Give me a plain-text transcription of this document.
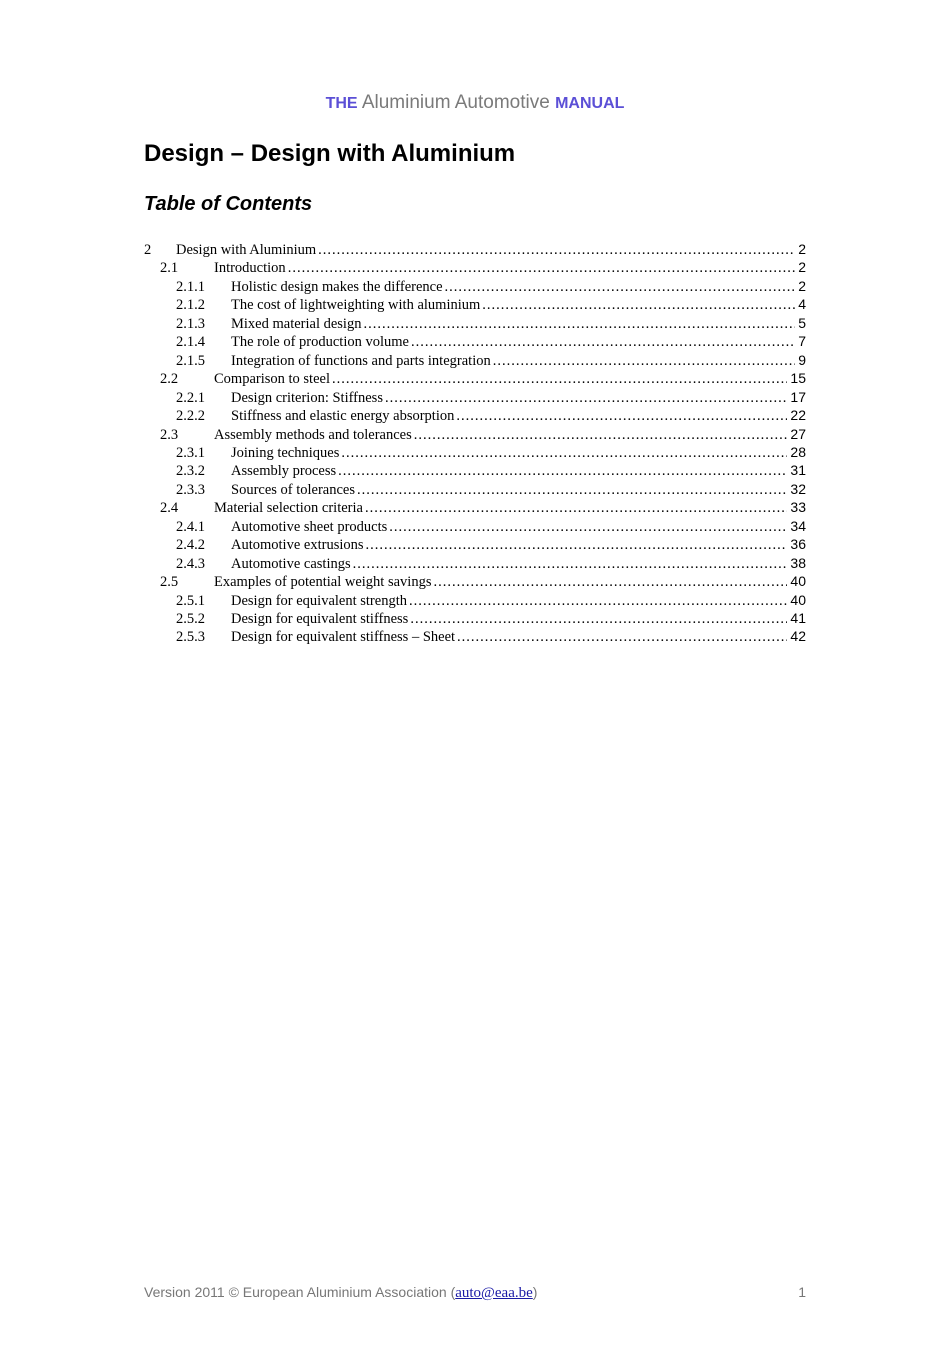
THE Aluminium Automotive MANUAL
Design – Design with Aluminium
Table of Contents
2	Design with Aluminium .....	2
2.1	Introduction .....	2
2.1.1	Holistic design makes the difference .....	2
2.1.2	The cost of lightweighting with aluminium .....	4
2.1.3	Mixed material design .....	5
2.1.4	The role of production volume .....	7
2.1.5	Integration of functions and parts integration .....	9
2.2	Comparison to steel .....	15
2.2.1	Design criterion: Stiffness .....	17
2.2.2	Stiffness and elastic energy absorption .....	22
2.3	Assembly methods and tolerances .....	27
2.3.1	Joining techniques .....	28
2.3.2	Assembly process .....	31
2.3.3	Sources of tolerances .....	32
2.4	Material selection criteria .....	33
2.4.1	Automotive sheet products .....	34
2.4.2	Automotive extrusions .....	36
2.4.3	Automotive castings .....	38
2.5	Examples of potential weight savings .....	40
2.5.1	Design for equivalent strength .....	40
2.5.2	Design for equivalent stiffness .....	41
2.5.3	Design for equivalent stiffness – Sheet .....	42
Version 2011 © European Aluminium Association (auto@eaa.be)	1
